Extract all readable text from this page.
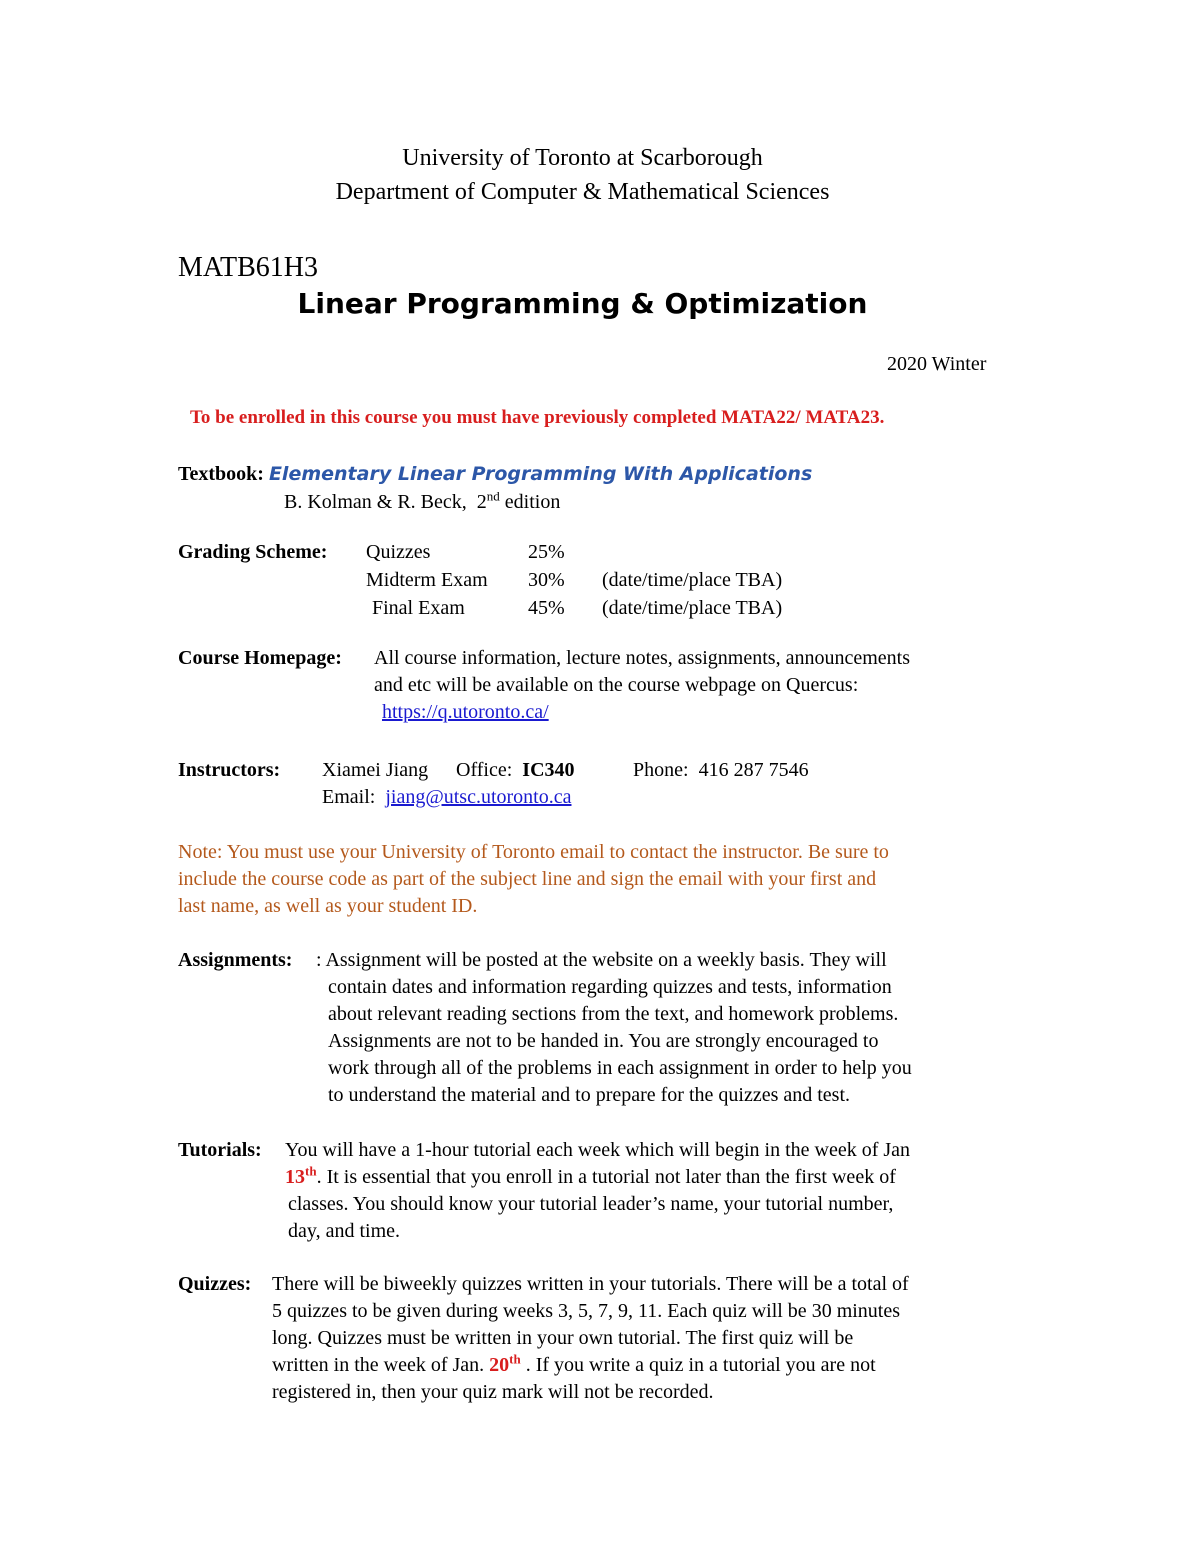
University of Toronto at Scarborough
Department of Computer & Mathematical Sciences
MATB61H3
Linear Programming & Optimization
2020 Winter
To be enrolled in this course you must have previously completed MATA22/ MATA23.
Textbook: Elementary Linear Programming With Applications
B. Kolman & R. Beck, 2nd edition
Grading Scheme: Quizzes	25%
Midterm Exam 30% (date/time/place TBA)
Final Exam	45% (date/time/place TBA)
Course Homepage: All course information, lecture notes, assignments, announcements
and etc will be available on the course webpage on Quercus:
https://q.utoronto.ca/
Instructors: Xiamei Jiang Office: IC340	Phone: 416 287 7546
Email: jiang@utsc.utoronto.ca
Note: You must use your University of Toronto email to contact the instructor. Be sure to
include the course code as part of the subject line and sign the email with your first and
last name, as well as your student ID.
Assignments: : Assignment will be posted at the website on a weekly basis. They will
contain dates and information regarding quizzes and tests, information
about relevant reading sections from the text, and homework problems.
Assignments are not to be handed in. You are strongly encouraged to
work through all of the problems in each assignment in order to help you
to understand the material and to prepare for the quizzes and test.
Tutorials: You will have a 1-hour tutorial each week which will begin in the week of Jan
13th. It is essential that you enroll in a tutorial not later than the first week of
classes. You should know your tutorial leader’s name, your tutorial number,
day, and time.
Quizzes: There will be biweekly quizzes written in your tutorials. There will be a total of
5 quizzes to be given during weeks 3, 5, 7, 9, 11. Each quiz will be 30 minutes
long. Quizzes must be written in your own tutorial. The first quiz will be
written in the week of Jan. 20th . If you write a quiz in a tutorial you are not
registered in, then your quiz mark will not be recorded.
